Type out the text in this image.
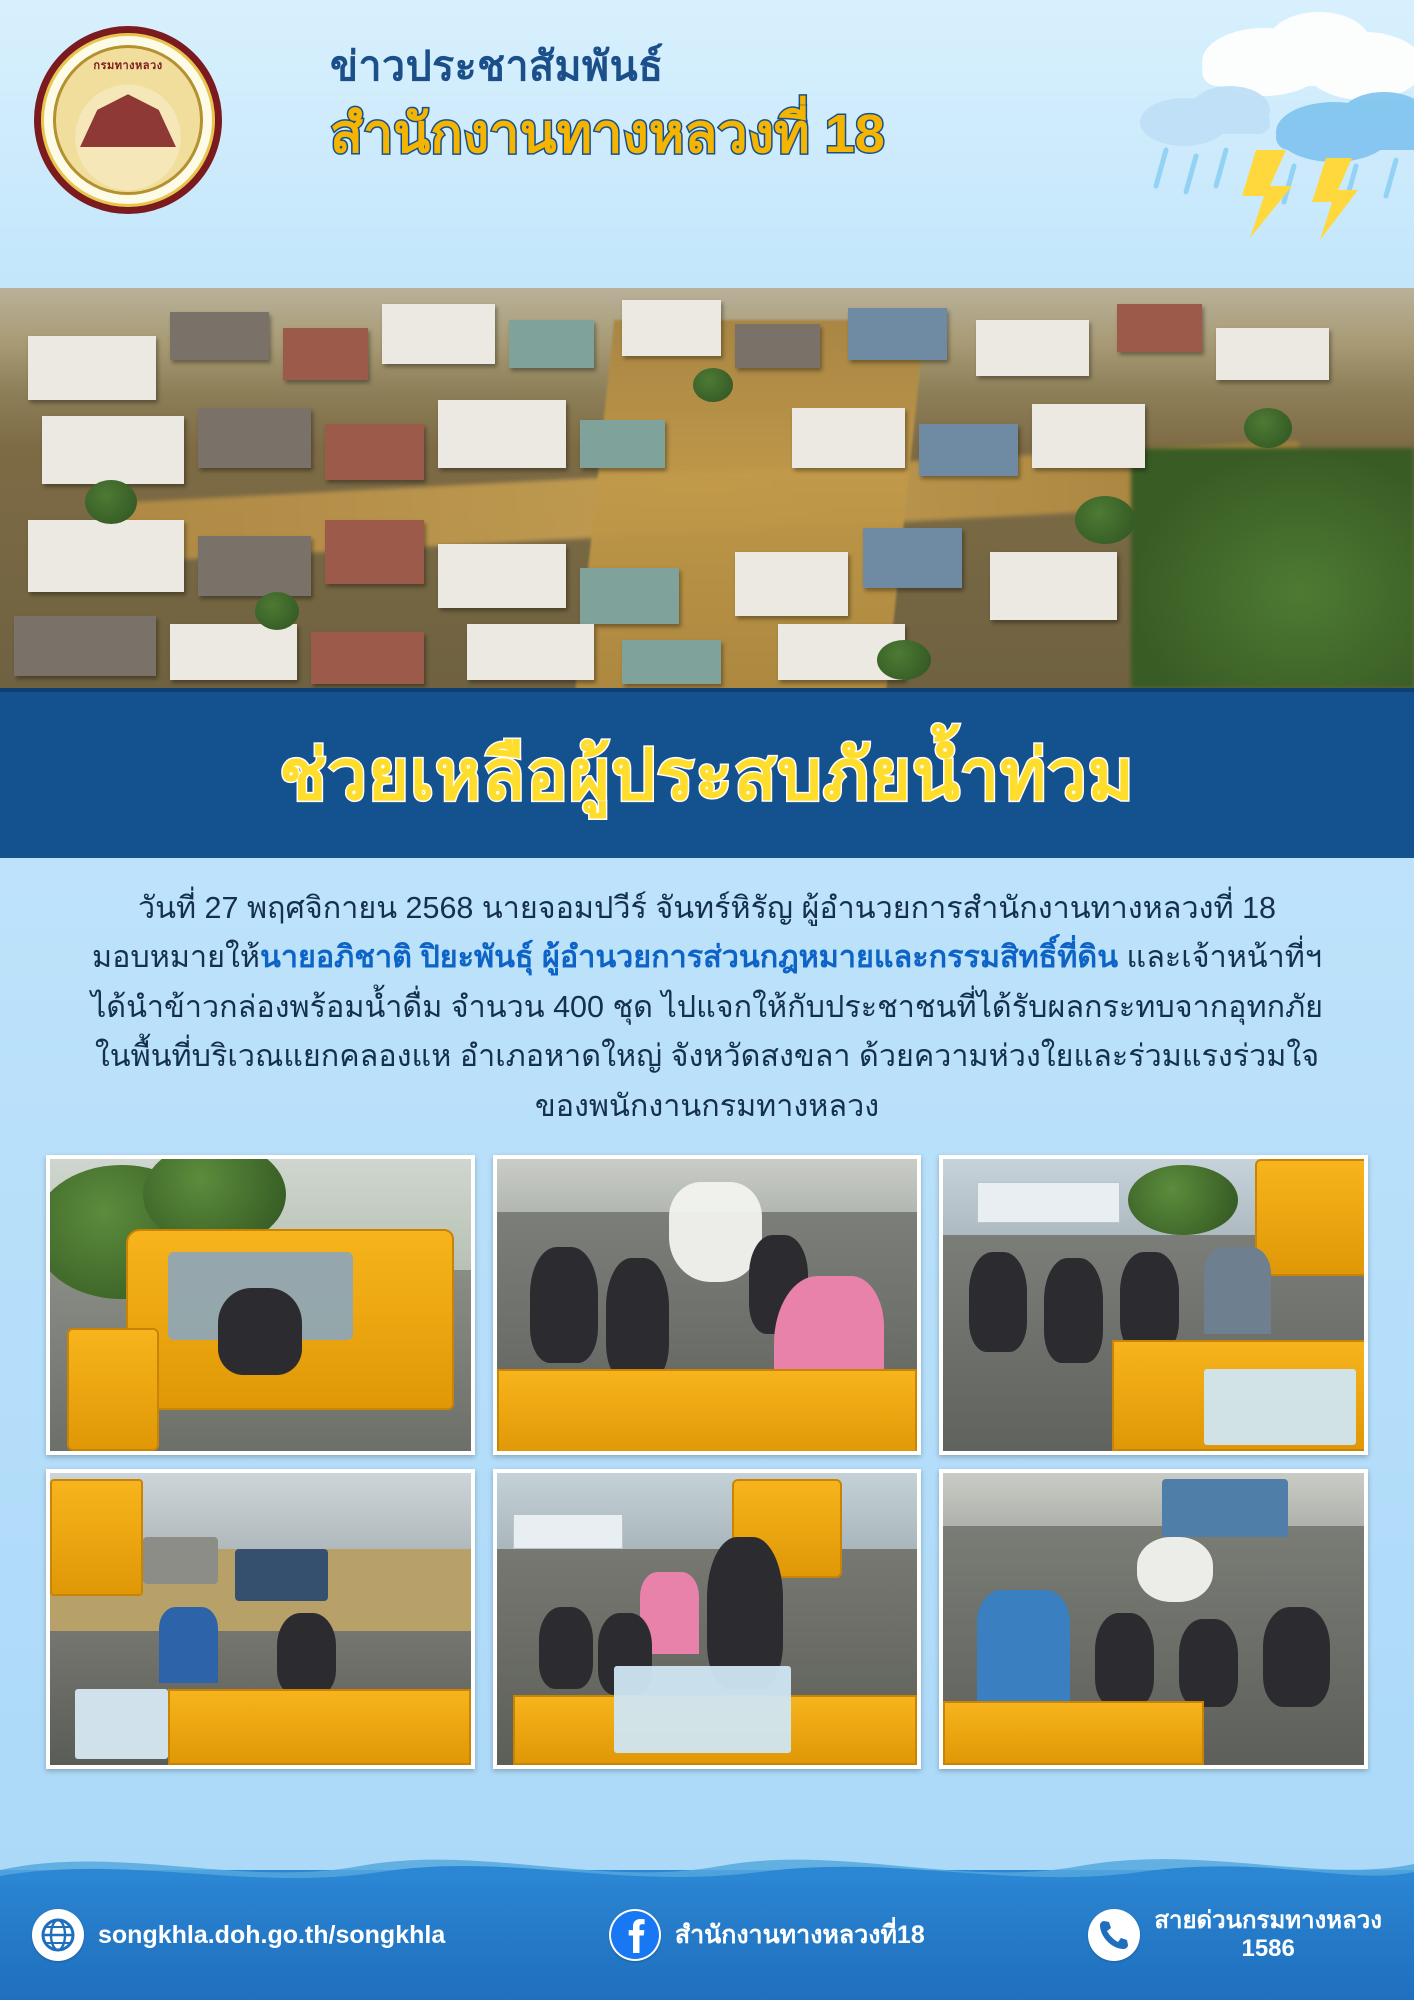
กรมทางหลวง	ข่าวประชาสัมพันธ์
สำนักงานทางหลวงที่ 18
ช่วยเหลือผู้ประสบภัยน้ำท่วม

วันที่ 27 พฤศจิกายน 2568 นายจอมปวีร์ จันทร์หิรัญ ผู้อำนวยการสำนักงานทางหลวงที่ 18

มอบหมายให้นายอภิชาติ ปิยะพันธุ์ ผู้อำนวยการส่วนกฎหมายและกรรมสิทธิ์ที่ดิน และเจ้าหน้าที่ฯ

ได้นำข้าวกล่องพร้อมน้ำดื่ม จำนวน 400 ชุด ไปแจกให้กับประชาชนที่ได้รับผลกระทบจากอุทกภัย

ในพื้นที่บริเวณแยกคลองแห อำเภอหาดใหญ่ จังหวัดสงขลา ด้วยความห่วงใยและร่วมแรงร่วมใจ

ของพนักงานกรมทางหลวง

songkhla.doh.go.th/songkhla	สำนักงานทางหลวงที่18
สายด่วนกรมทางหลวง
1586
